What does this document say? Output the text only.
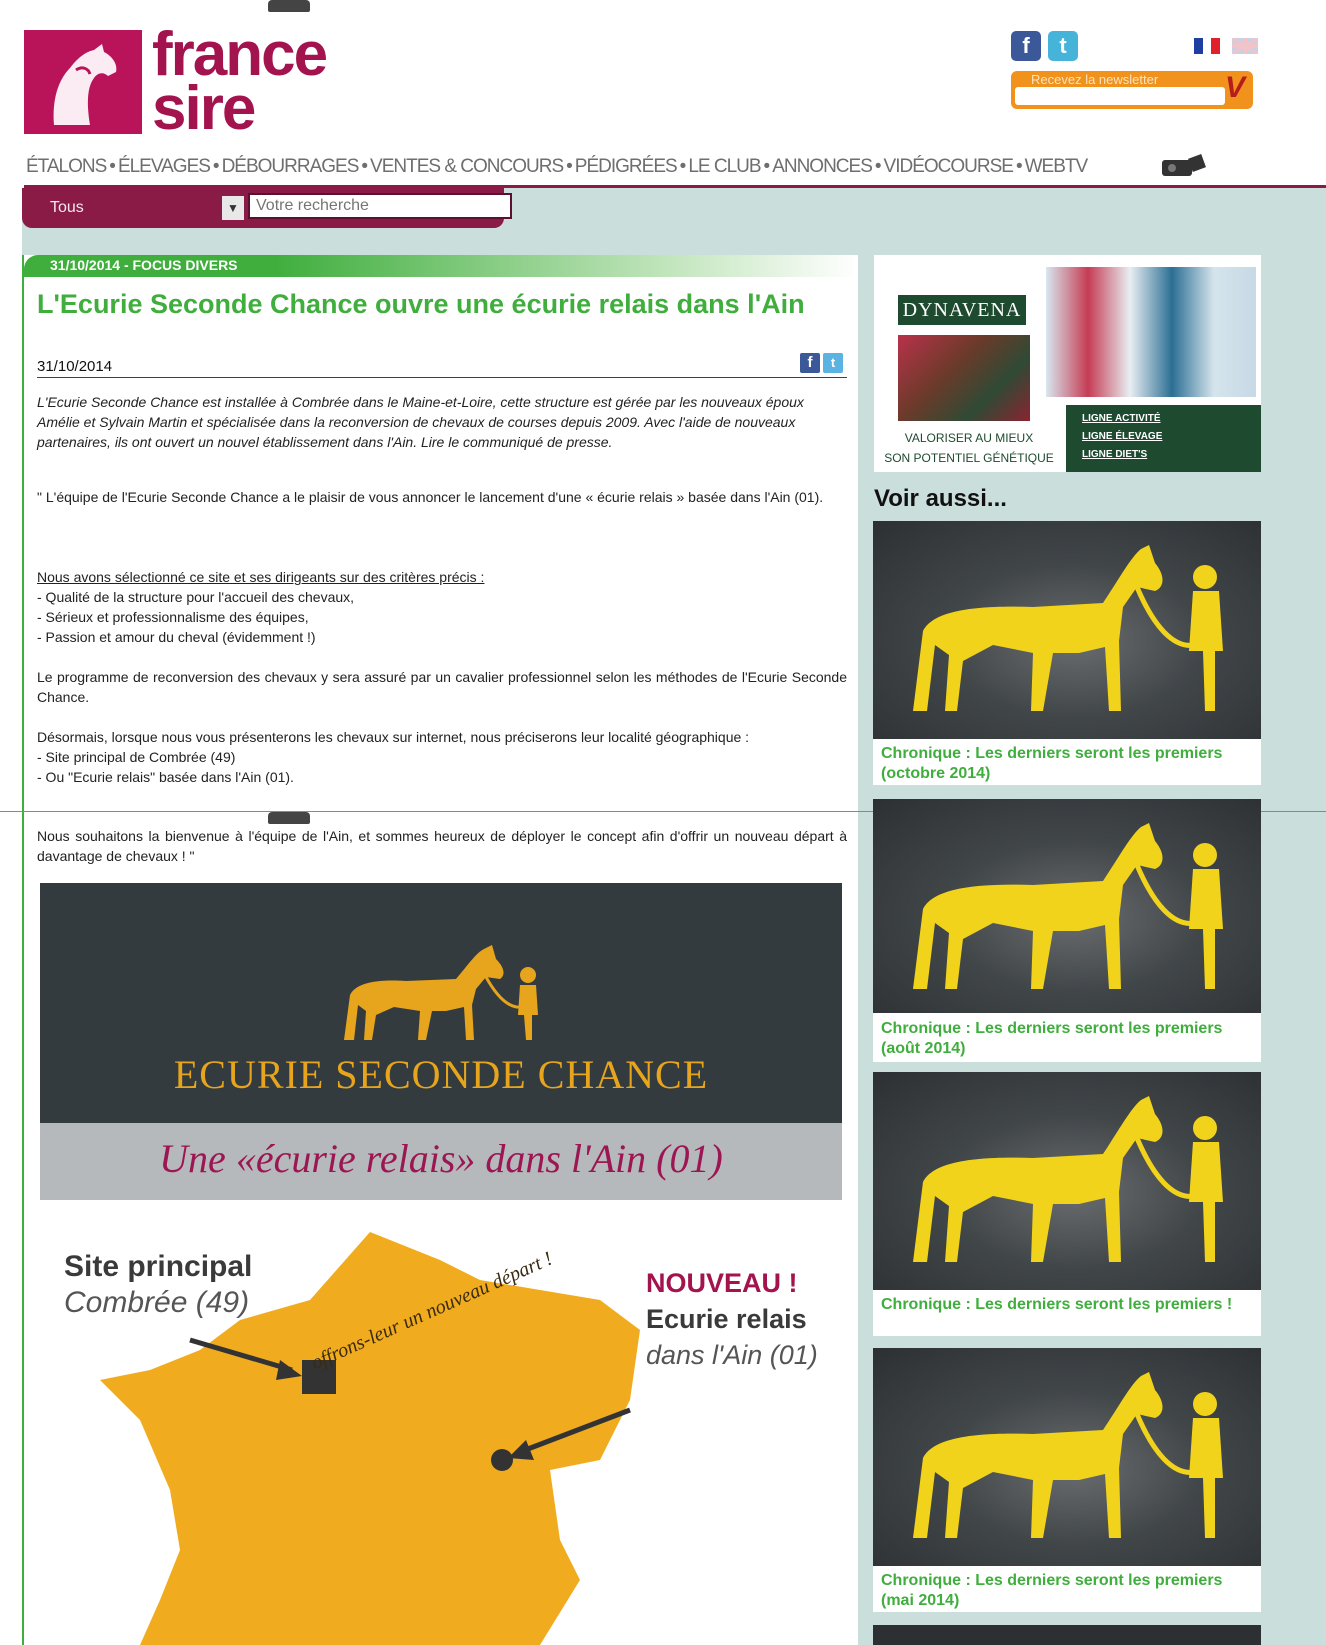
france
sire
f	t
Recevez la newsletter V
ÉTALONS • ÉLEVAGES • DÉBOURRAGES • VENTES & CONCOURS • PÉDIGRÉES • LE CLUB • ANNONCES • VIDÉOCOURSE • WEBTV
Tous	▼
Votre recherche
31/10/2014 - FOCUS DIVERS
L'Ecurie Seconde Chance ouvre une écurie relais dans l'Ain
31/10/2014	f	t
L'Ecurie Seconde Chance est installée à Combrée dans le Maine-et-Loire, cette structure est gérée par les nouveaux époux Amélie et Sylvain Martin et spécialisée dans la reconversion de chevaux de courses depuis 2009. Avec l'aide de nouveaux partenaires, ils ont ouvert un nouvel établissement dans l'Ain. Lire le communiqué de presse.
" L'équipe de l'Ecurie Seconde Chance a le plaisir de vous annoncer le lancement d'une « écurie relais » basée dans l'Ain (01).
Nous avons sélectionné ce site et ses dirigeants sur des critères précis :
- Qualité de la structure pour l'accueil des chevaux,
- Sérieux et professionnalisme des équipes,
- Passion et amour du cheval (évidemment !)
Le programme de reconversion des chevaux y sera assuré par un cavalier professionnel selon les méthodes de l'Ecurie Seconde Chance.
Désormais, lorsque nous vous présenterons les chevaux sur internet, nous préciserons leur localité géographique :
- Site principal de Combrée (49)
- Ou "Ecurie relais" basée dans l'Ain (01).
Nous souhaitons la bienvenue à l'équipe de l'Ain, et sommes heureux de déployer le concept afin d'offrir un nouveau départ à davantage de chevaux ! "
ECURIE SECONDE CHANCE
Une «écurie relais» dans l'Ain (01)
offrons-leur un nouveau départ !
Site principal
Combrée (49)
NOUVEAU !
Ecurie relais
dans l'Ain (01)
DYNAVENA
VALORISER AU MIEUX
SON POTENTIEL GÉNÉTIQUE
LIGNE ACTIVITÉ
LIGNE ÉLEVAGE
LIGNE DIET'S
Voir aussi...
Chronique : Les derniers seront les premiers (octobre 2014)
Chronique : Les derniers seront les premiers (août 2014)
Chronique : Les derniers seront les premiers !
Chronique : Les derniers seront les premiers (mai 2014)
